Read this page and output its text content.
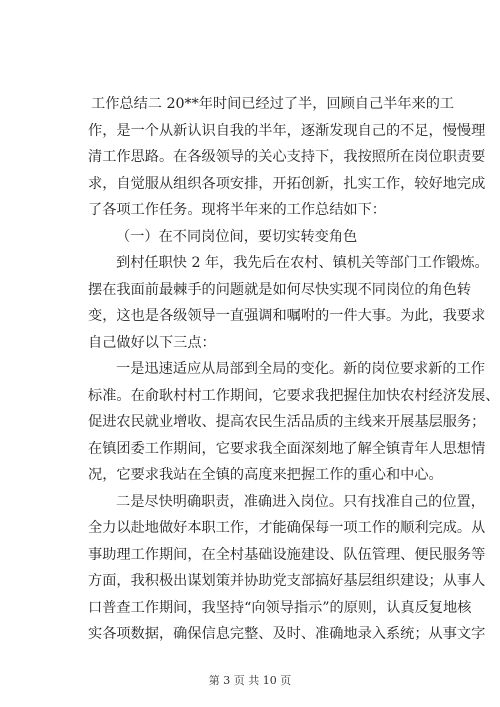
工作总结二 20**年时间已经过了半，回顾自己半年来的工
作，是一个从新认识自我的半年，逐渐发现自己的不足，慢慢理
清工作思路。在各级领导的关心支持下，我按照所在岗位职责要
求，自觉服从组织各项安排，开拓创新，扎实工作，较好地完成
了各项工作任务。现将半年来的工作总结如下：
（一）在不同岗位间，要切实转变角色
到村任职快 2 年，我先后在农村、镇机关等部门工作锻炼。
摆在我面前最棘手的问题就是如何尽快实现不同岗位的角色转
变，这也是各级领导一直强调和嘱咐的一件大事。为此，我要求
自己做好以下三点：
一是迅速适应从局部到全局的变化。新的岗位要求新的工作
标准。在俞耿村村工作期间，它要求我把握住加快农村经济发展、
促进农民就业增收、提高农民生活品质的主线来开展基层服务；
在镇团委工作期间，它要求我全面深刻地了解全镇青年人思想情
况，它要求我站在全镇的高度来把握工作的重心和中心。
二是尽快明确职责，准确进入岗位。只有找准自己的位置，
全力以赴地做好本职工作，才能确保每一项工作的顺利完成。从
事助理工作期间，在全村基础设施建设、队伍管理、便民服务等
方面，我积极出谋划策并协助党支部搞好基层组织建设；从事人
口普查工作期间，我坚持“向领导指示”的原则，认真反复地核
实各项数据，确保信息完整、及时、准确地录入系统；从事文字
第 3 页 共 10 页
